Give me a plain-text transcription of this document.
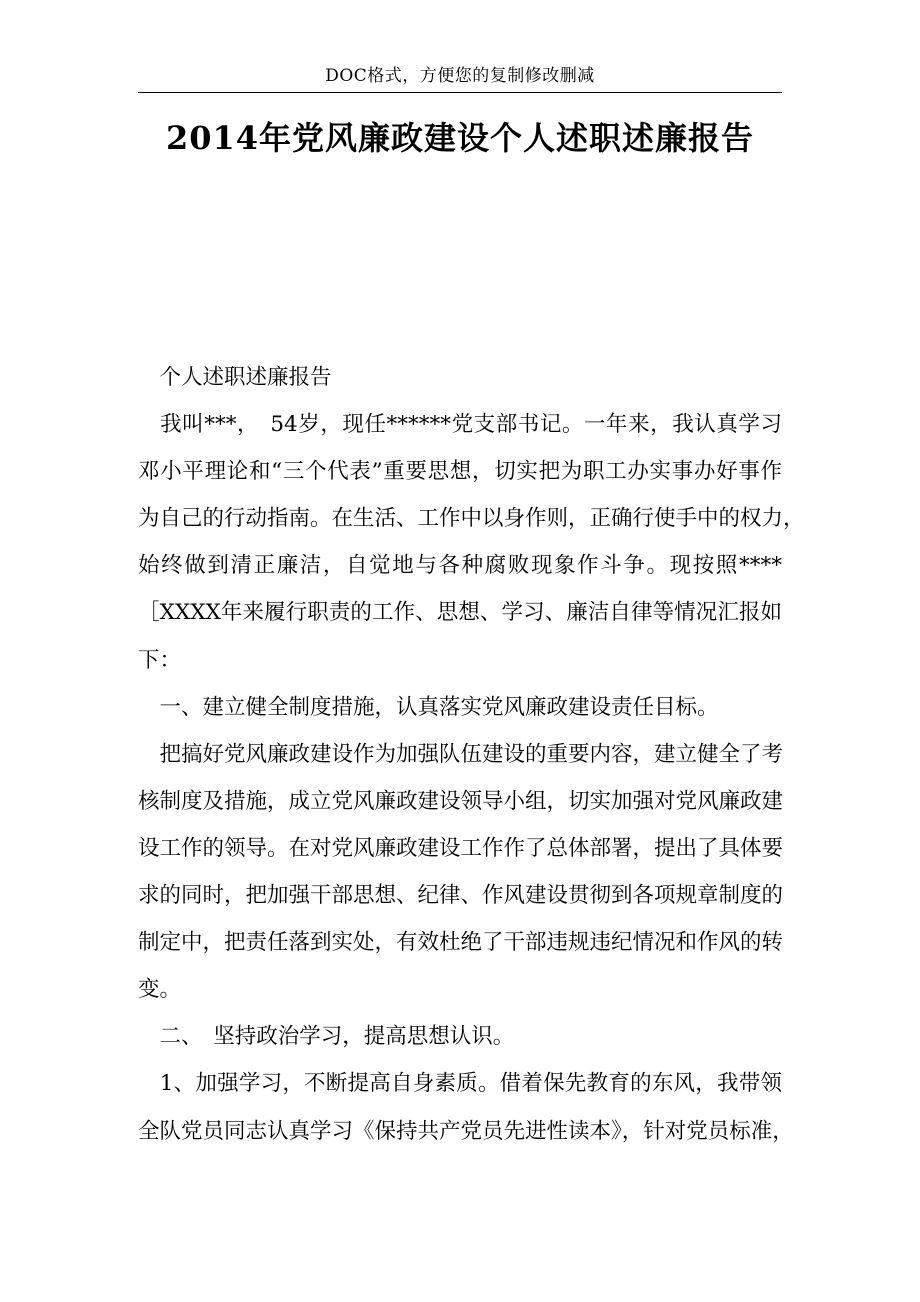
DOC格式，方便您的复制修改删减
2014年党风廉政建设个人述职述廉报告
　个人述职述廉报告
　我叫***，　54岁，现任******党支部书记。一年来，我认真学习
邓小平理论和“三个代表”重要思想，切实把为职工办实事办好事作
为自己的行动指南。在生活、工作中以身作则，正确行使手中的权力，
始终做到清正廉洁，自觉地与各种腐败现象作斗争。现按照****
［XXXX年来履行职责的工作、思想、学习、廉洁自律等情况汇报如
下：
　一、建立健全制度措施，认真落实党风廉政建设责任目标。
　把搞好党风廉政建设作为加强队伍建设的重要内容，建立健全了考
核制度及措施，成立党风廉政建设领导小组，切实加强对党风廉政建
设工作的领导。在对党风廉政建设工作作了总体部署，提出了具体要
求的同时，把加强干部思想、纪律、作风建设贯彻到各项规章制度的
制定中，把责任落到实处，有效杜绝了干部违规违纪情况和作风的转
变。
　二、　坚持政治学习，提高思想认识。
　1、加强学习，不断提高自身素质。借着保先教育的东风，我带领
全队党员同志认真学习《保持共产党员先进性读本》，针对党员标准，
